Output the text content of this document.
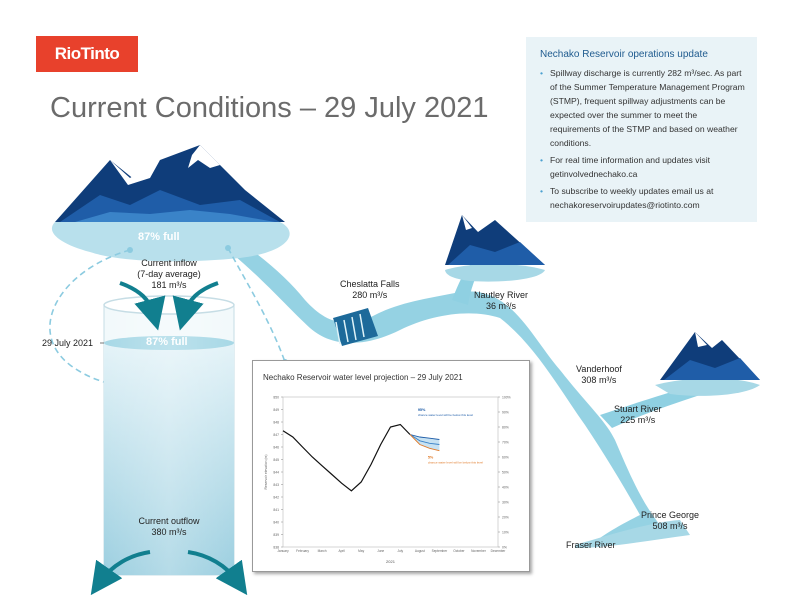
RioTinto
Current Conditions – 29 July 2021
Nechako Reservoir operations update
• Spillway discharge is currently 282 m³/sec. As part of the Summer Temperature Management Program (STMP), frequent spillway adjustments can be expected over the summer to meet the requirements of the STMP and based on weather conditions.
• For real time information and updates visit getinvolvednechako.ca
• To subscribe to weekly updates email us at nechakoreservoirupdates@riotinto.com
87% full
Current inflow
(7-day average)
181 m³/s
29 July 2021	87% full
Current outflow
380 m³/s
Cheslatta Falls
280 m³/s	Nautley River
36 m³/s
Vanderhoof
308 m³/s
Stuart River
225 m³/s
Prince George
508 m³/s
Fraser River
Nechako Reservoir water level projection – 29 July 2021
850
849
848
847
846
845
844
843
842
841
840
839
838
100%
90%
80%
70%
60%
50%
40%
30%
20%
10%
0%
January February	March	April	May	June	July	August September October November December
2021
Reservoir elevation (m)
95%
chance water level will be below this level
5%
chance water level will be below this level
